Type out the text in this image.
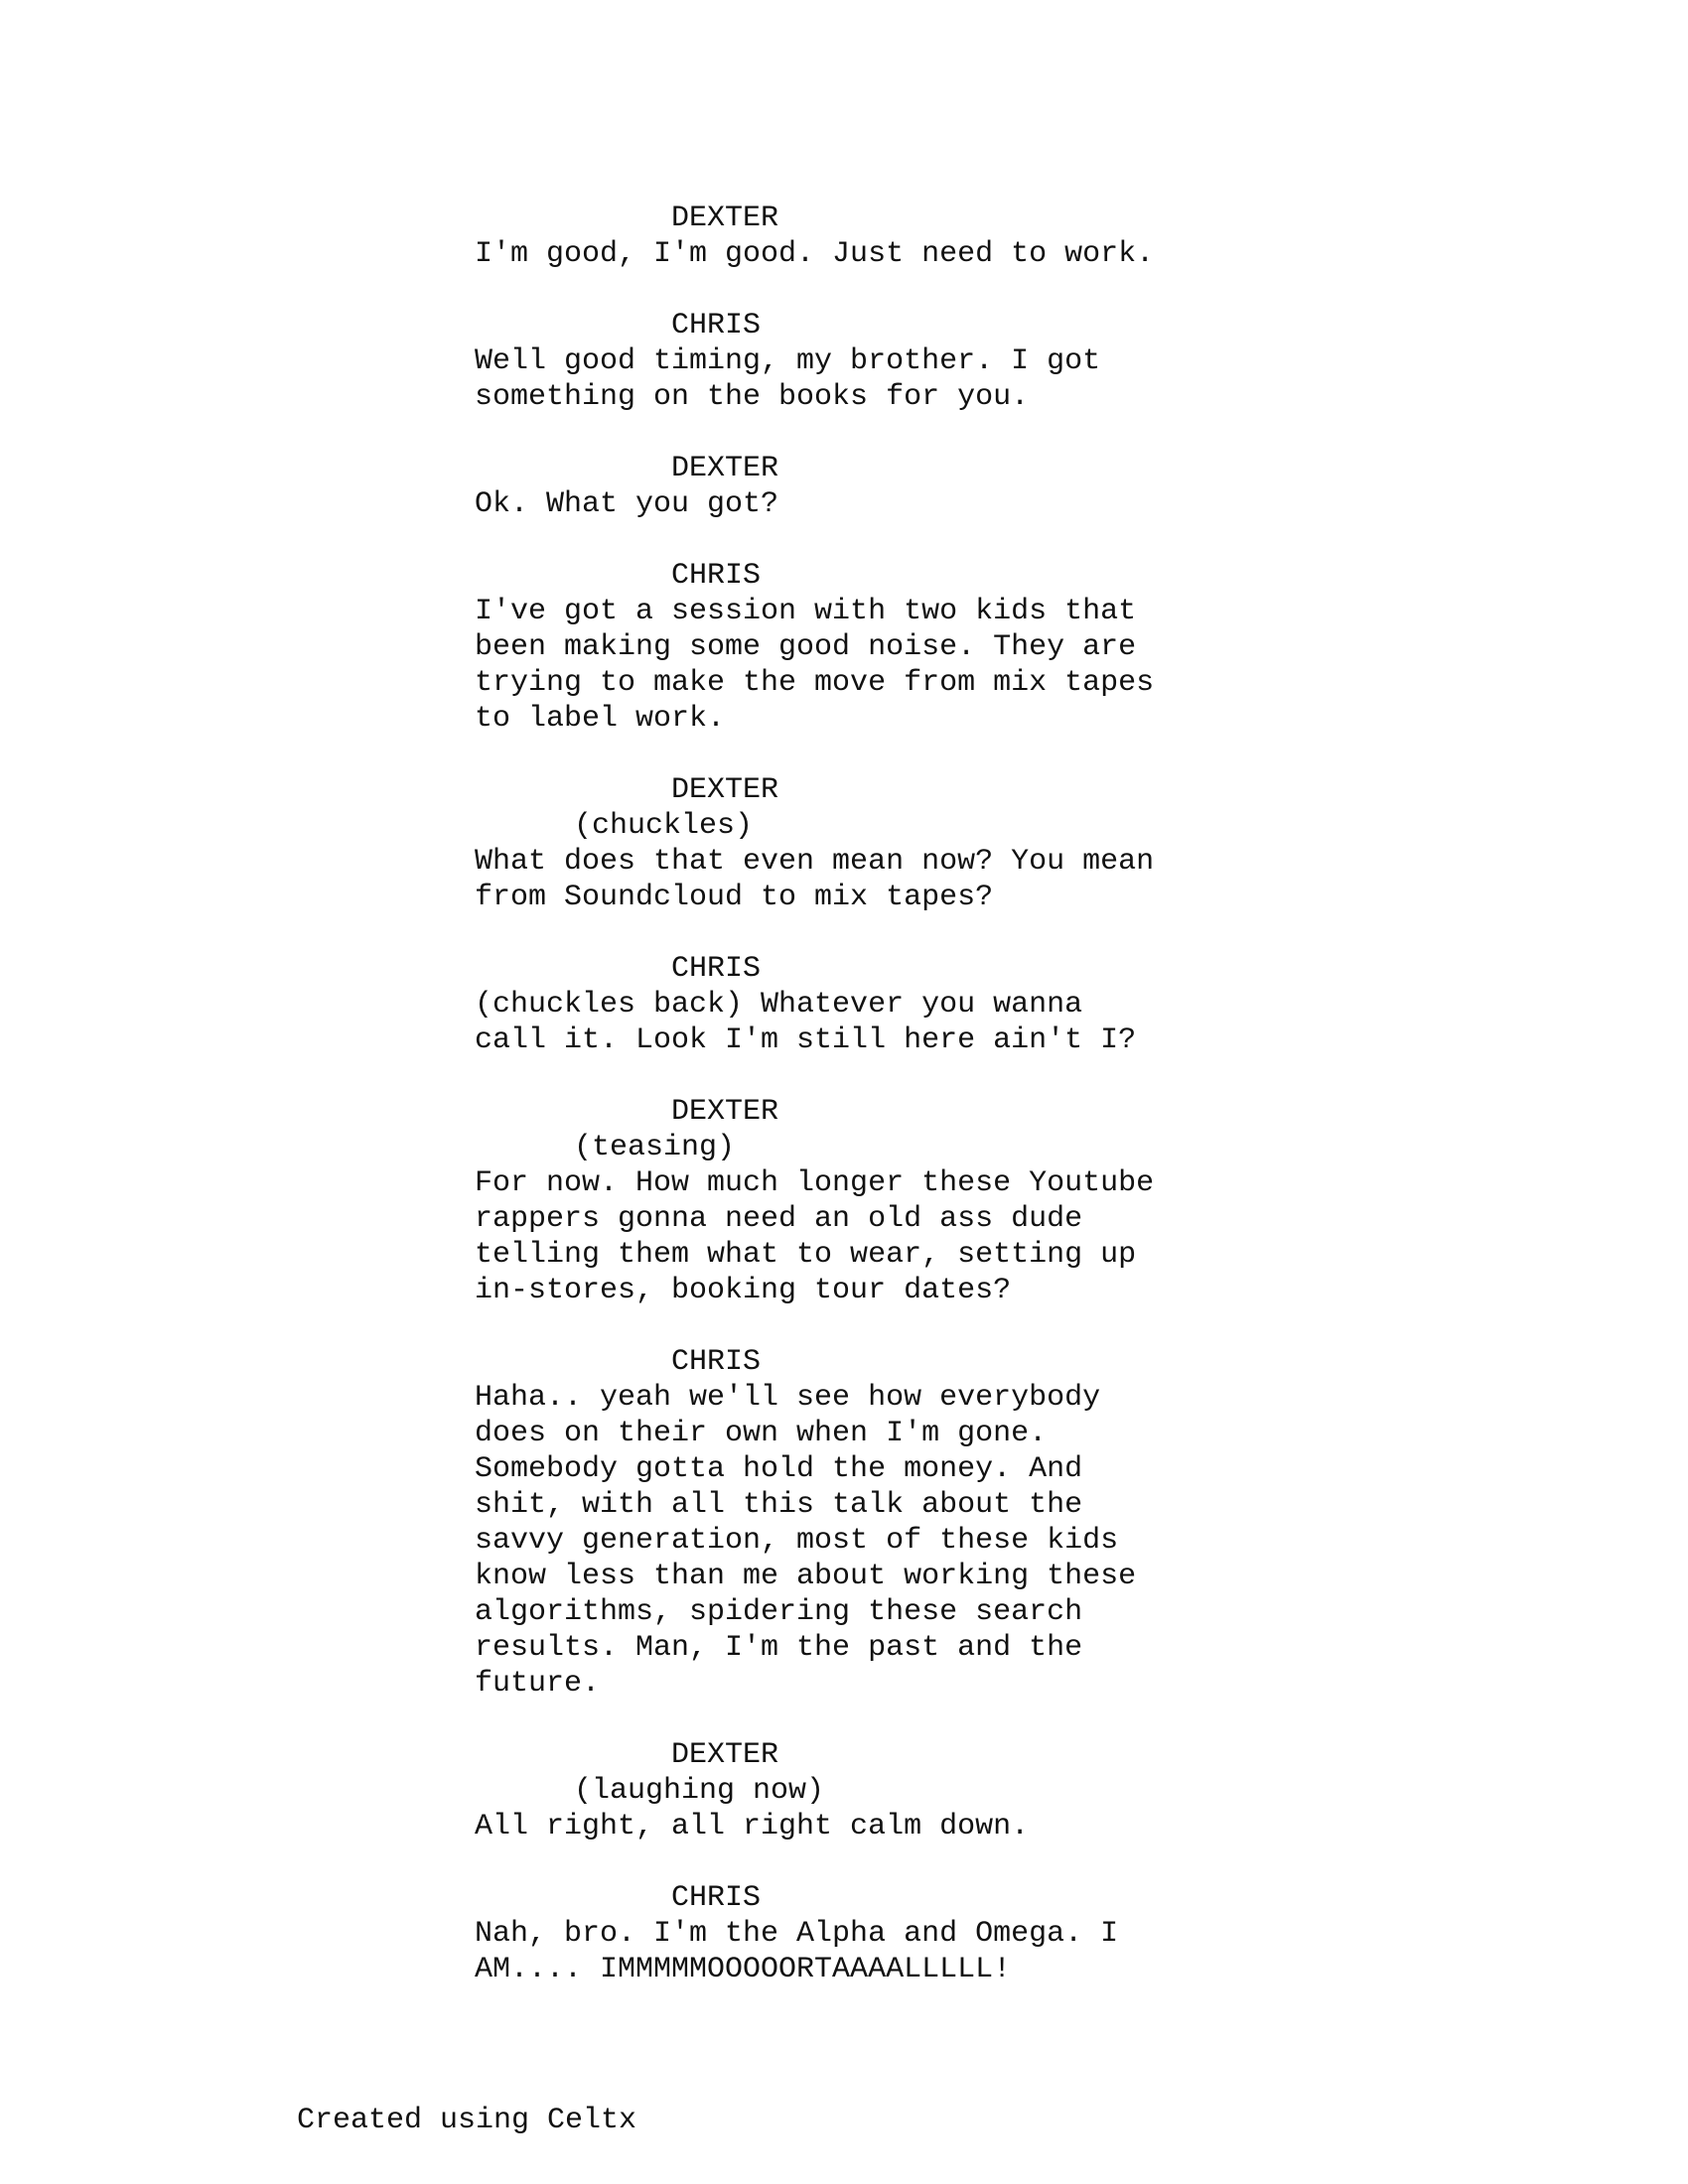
DEXTER
I'm good, I'm good. Just need to work.
CHRIS
Well good timing, my brother. I got
something on the books for you.
DEXTER
Ok. What you got?
CHRIS
I've got a session with two kids that
been making some good noise. They are
trying to make the move from mix tapes
to label work.
DEXTER
(chuckles)
What does that even mean now? You mean
from Soundcloud to mix tapes?
CHRIS
(chuckles back) Whatever you wanna
call it. Look I'm still here ain't I?
DEXTER
(teasing)
For now. How much longer these Youtube
rappers gonna need an old ass dude
telling them what to wear, setting up
in-stores, booking tour dates?
CHRIS
Haha.. yeah we'll see how everybody
does on their own when I'm gone.
Somebody gotta hold the money. And
shit, with all this talk about the
savvy generation, most of these kids
know less than me about working these
algorithms, spidering these search
results. Man, I'm the past and the
future.
DEXTER
(laughing now)
All right, all right calm down.
CHRIS
Nah, bro. I'm the Alpha and Omega. I
AM.... IMMMMMOOOOORTAAAALLLLL!
Created using Celtx
